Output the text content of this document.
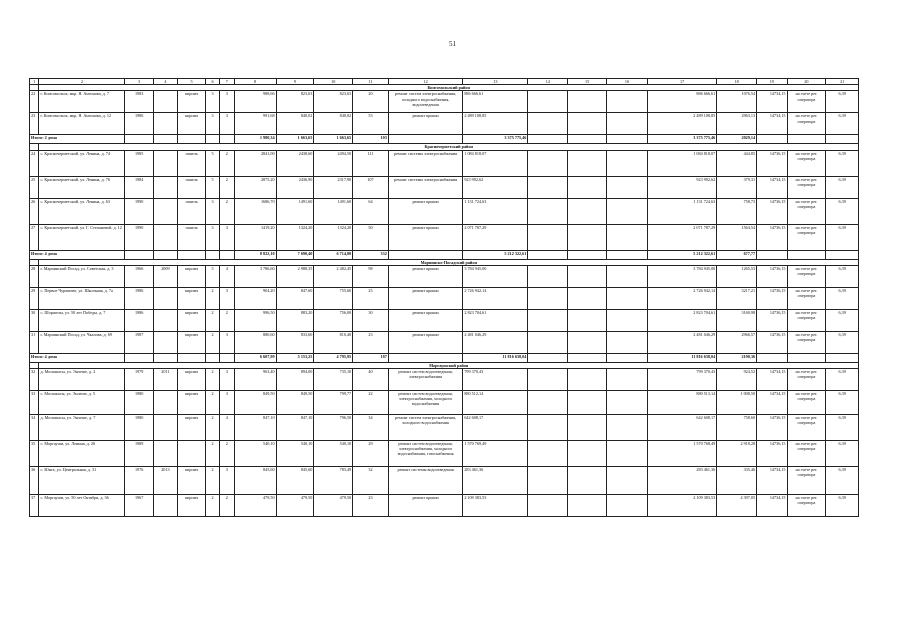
51
1	2	3	4	5	6	7	8	9	10	11	12	13	14	15	16	17	18	19	20	21
	Комсомольский район																			
22	г. Комсомольск, мкр. Я. Антонова, д. 7	1983		кирпич	3	3	988,66	823,63	823,63	20	ремонт систем электроснабжения, холодного водоснабжения, водоотведения	886 666,61				886 666,61	1076,54	14734,15	на счете рег. оператора	6,39
23	г. Комсомольск, мкр. Я. Антонова, д. 12	1986		кирпич	3	3	991,68	840,02	840,02	53	ремонт крыши	2 489 108,85				2 489 108,85	2963,13	14734,15	на счете рег. оператора	6,39
Итого: 2 дома							1 980,34	1 663,65	1 663,65	103		3 375 775,46				3 375 775,46	2029,14			
	Красночерметский район																			
24	с. Красночерметский, ул. Ленина, д. 74	1985		панель	5	2	2841,00	2438,60	2494,50	111	ремонт системы электроснабжения	1 084 818,07				1 084 818,07	444,85	14736,15	на счете рег. оператора	6,39
25	с. Красночерметский, ул. Ленина, д. 76	1984		панель	5	2	2875,20	2436,90	2317,90	107	ремонт системы электроснабжения	923 992,62				923 992,62	379,31	14734,15	на счете рег. оператора	6,39
26	с. Красночерметский, ул. Ленина, д. 63	1990		панель	3	2	1686,70	1491,60	1491,60	64	ремонт крыши	1 131 724,63				1 131 724,63	758,73	14736,15	на счете рег. оператора	6,39
27	с. Красночерметский, ул. Г. Степановой, д. 12	1990		панель	3	3	1419,20	1324,20	1324,20	50	ремонт крыши	2 071 787,29				2 071 787,29	1564,54	14736,15	на счете рег. оператора	6,39
Итого: 4 дома							8 822,10	7 690,40	6 714,80	332		5 212 322,61				5 212 322,61	677,77			
	Мариинско-Посадский район																			
28	г. Мариинский Посад, ул. Советская, д. 3	1966	2009	кирпич	5	4	3 786,60	2 988,35	2 482,45	98	ремонт крыши	3 784 945,00				3 784 945,00	1265,53	14736,15	на счете рег. оператора	6,39
29	с. Первое Чурашево, ул. Школьная, д. 7а	1986		кирпич	2	3	904,20	847,60	755,60	25	ремонт крыши	2 726 942,14				2 726 942,14	3217,21	14736,15	на счете рег. оператора	6,39
30	с. Шоршелы, ул. 50 лет Победы, д. 7	1986		кирпич	2	2	996,50	883,20	756,00	30	ремонт крыши	2 823 704,61				2 823 704,61	3160,98	14736,15	на счете рег. оператора	6,39
31	г. Мариинский Посад, ул. Чкалова, д. 69	1987		кирпич	2	3	880,60	833,60	810,40	23	ремонт крыши	2 481 046,29				2 481 046,29	2966,57	14736,15	на счете рег. оператора	6,39
Итого: 4 дома							6 607,99	5 153,25	4 795,95	187		11 816 638,04				11 816 638,04	2190,36			
	Моргаушский район																			
32	д. Москакасы, ул. Энлеше, д. 2	1979	2011	кирпич	2	3	963,40	894,00	735,10	40	ремонт систем водоотведения, электроснабжения	799 370,43				799 370,43	924,52	14734,15	на счете рег. оператора	6,39
33	с. Москакасы, ул. Энлеше, д. 5	1980		кирпич	2	3	849,50	849,50	799,77	22	ремонт систем водоотведения, электроснабжения, холодного водоснабжения	880 512,14				880 513,14	1 008,50	14734,15	на счете рег. оператора	6,39
34	д. Москакасы, ул. Энлеше, д. 7	1980		кирпич	2	4	847,10	847,10	796,50	34	ремонт систем электроснабжения, холодного водоснабжения	642 608,17				642 608,17	758,60	14736,15	на счете рег. оператора	6,39
35	с. Моргауши, ул. Ленина, д. 26	1989			2	2	540,10	540,10	540,10	29	ремонт систем водоотведения, электроснабжения, холодного водоснабжения, газоснабжения	1 570 769,49				1 570 768,49	2 918,28	14736,15	на счете рег. оператора	6,39
36	с. Юнга, ул. Центральная, д. 31	1976	2013	кирпич	2	3	845,60	845,60	783,49	32	ремонт системы водоотведения	283 461,36				283 461,36	335,46	14734,15	на счете рег. оператора	6,39
37	с. Моргауши, ул. 50 лет Октября, д. 36	1967		кирпич	2	2	479,50	479,50	479,50	23	ремонт крыши	2 109 383,53				2 109 383,53	4 397,05	14734,15	на счете рег. оператора	6,39
